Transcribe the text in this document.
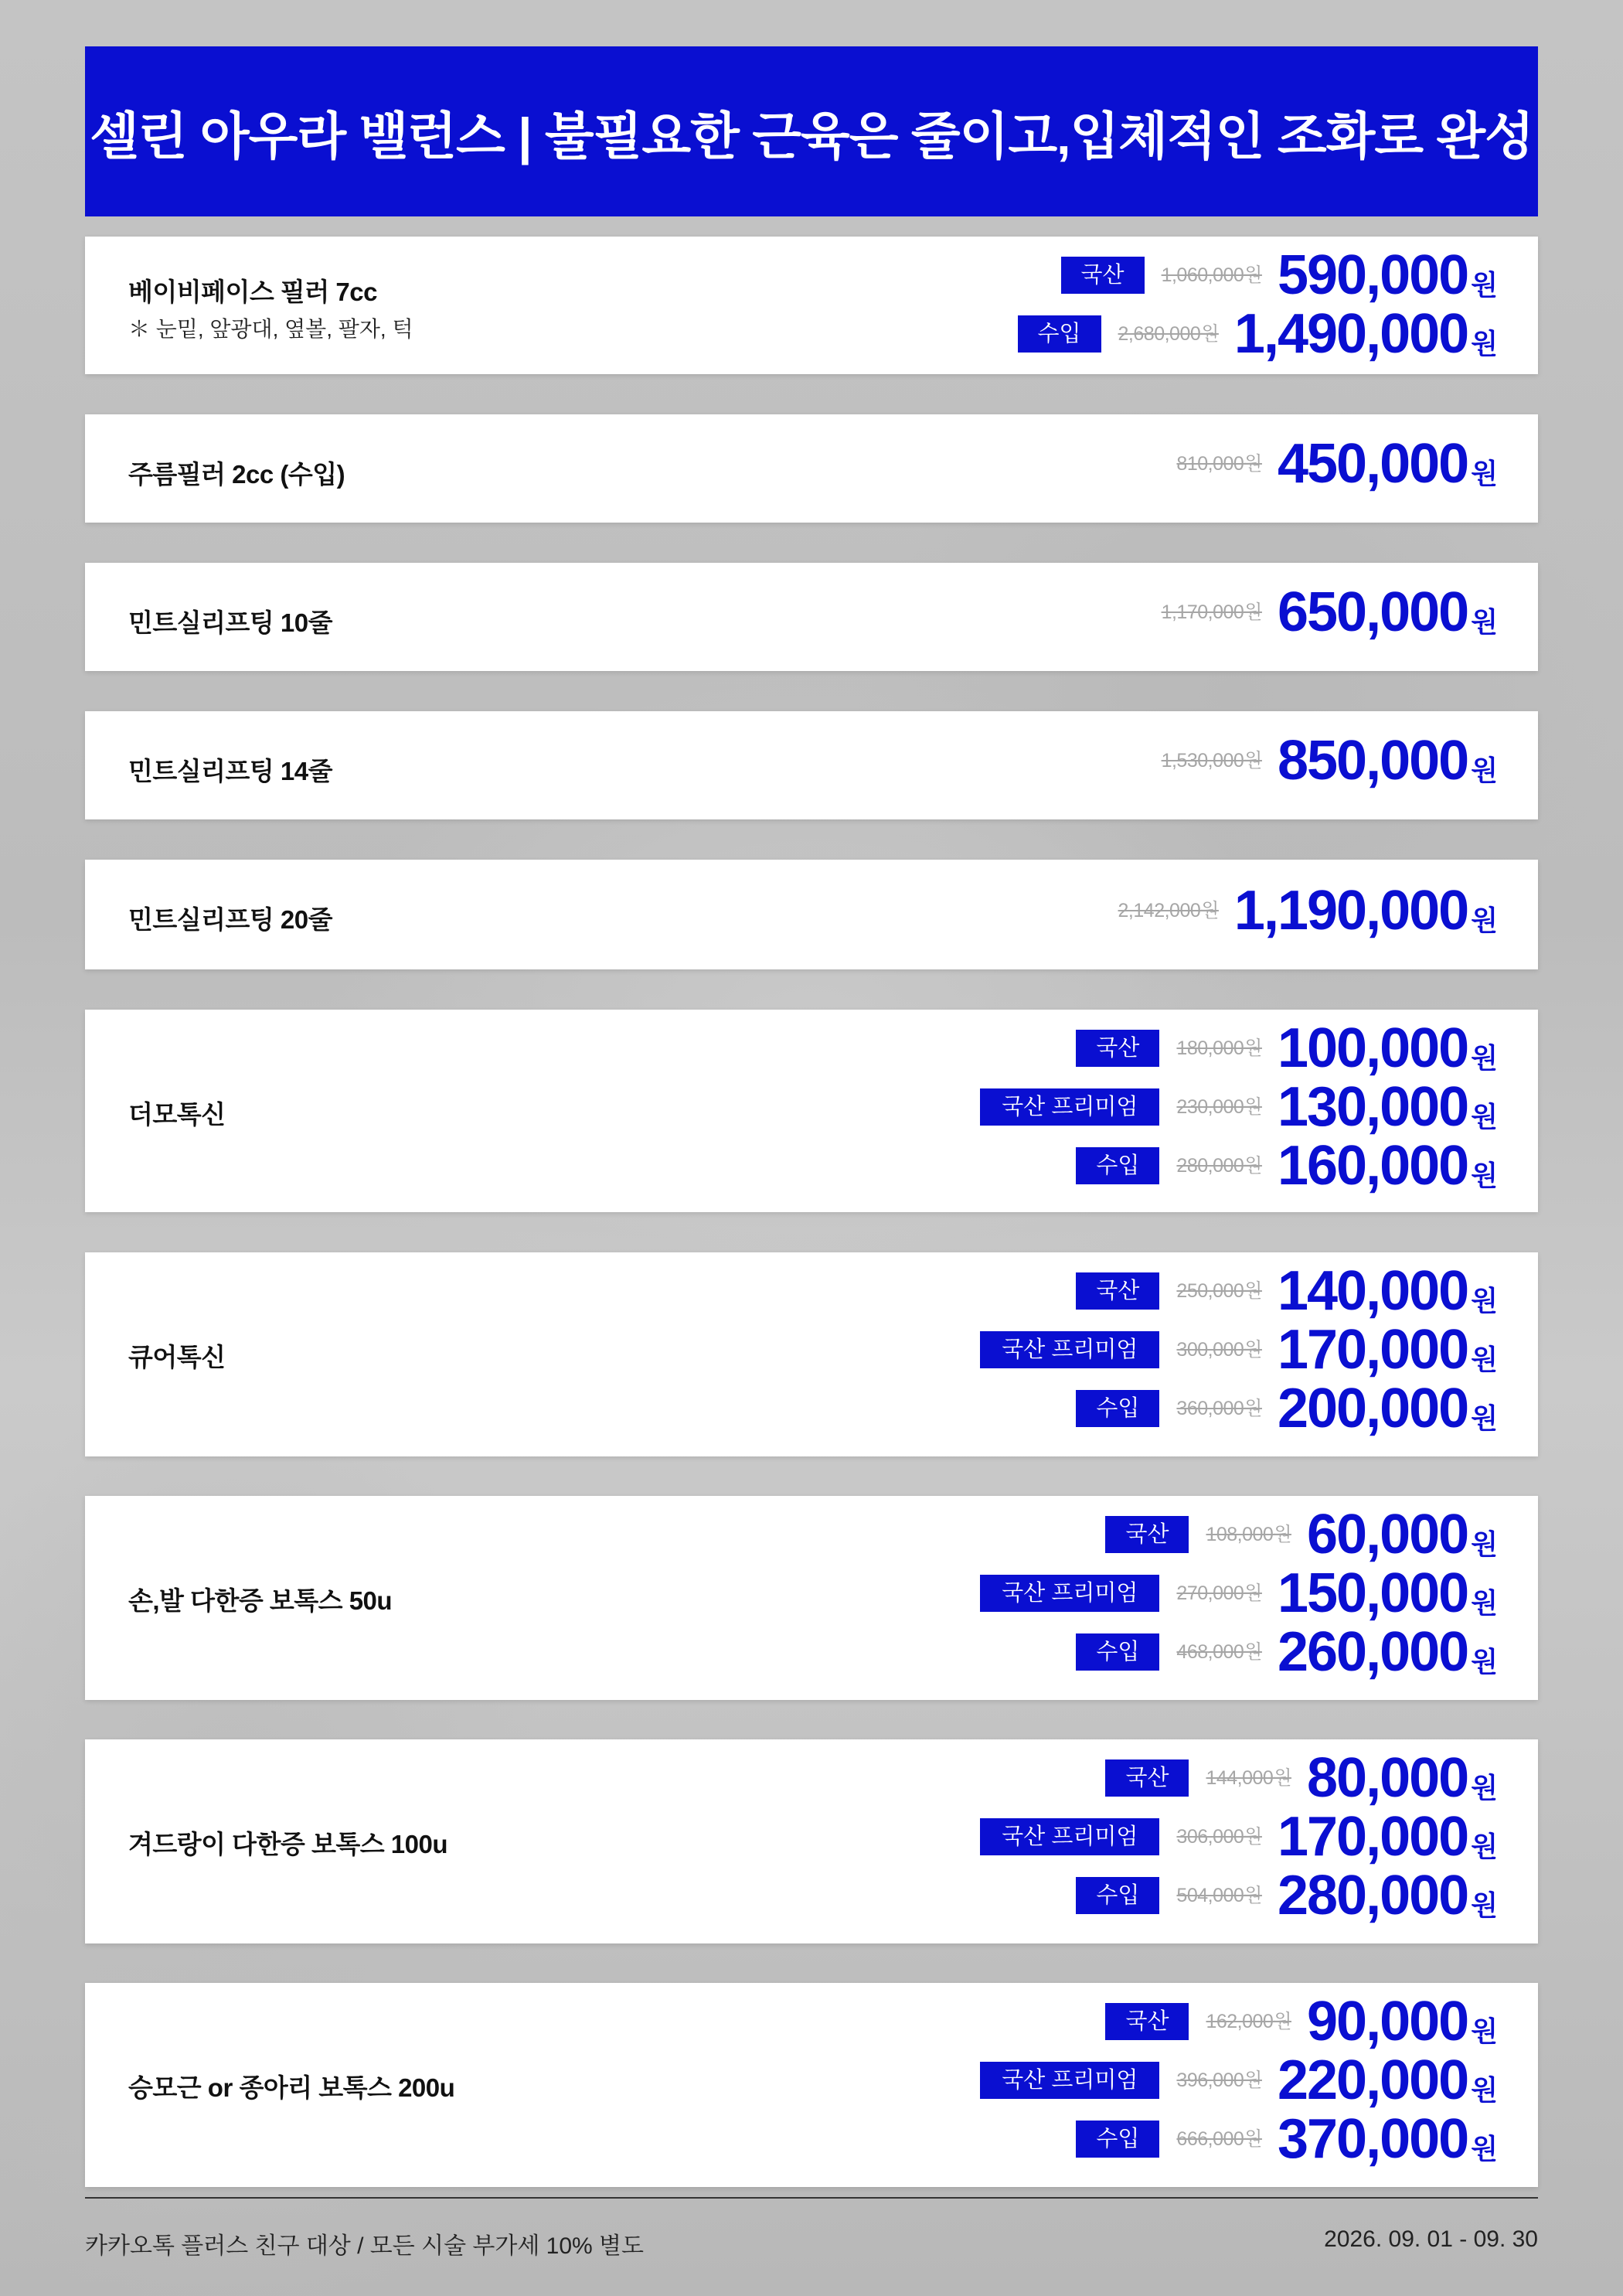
셀린 아우라 밸런스 | 불필요한 근육은 줄이고,입체적인 조화로 완성
베이비페이스 필러 7cc
＊ 눈밑, 앞광대, 옆볼, 팔자, 턱
국산	1,060,000원 590,000 원
수입	2,680,000원 1,490,000 원
주름필러 2cc (수입)	810,000원 450,000 원
민트실리프팅 10줄	1,170,000원 650,000 원
민트실리프팅 14줄	1,530,000원 850,000 원
민트실리프팅 20줄	2,142,000원 1,190,000 원
더모톡신
국산	180,000원 100,000 원
국산 프리미엄	230,000원 130,000 원
수입	280,000원 160,000 원
큐어톡신
국산	250,000원 140,000 원
국산 프리미엄	300,000원 170,000 원
수입	360,000원 200,000 원
손,발 다한증 보톡스 50u
국산	108,000원 60,000 원
국산 프리미엄	270,000원 150,000 원
수입	468,000원 260,000 원
겨드랑이 다한증 보톡스 100u
국산	144,000원 80,000 원
국산 프리미엄	306,000원 170,000 원
수입	504,000원 280,000 원
승모근 or 종아리 보톡스 200u
국산	162,000원 90,000 원
국산 프리미엄	396,000원 220,000 원
수입	666,000원 370,000 원
카카오톡 플러스 친구 대상 / 모든 시술 부가세 10% 별도	2026. 09. 01 - 09. 30
